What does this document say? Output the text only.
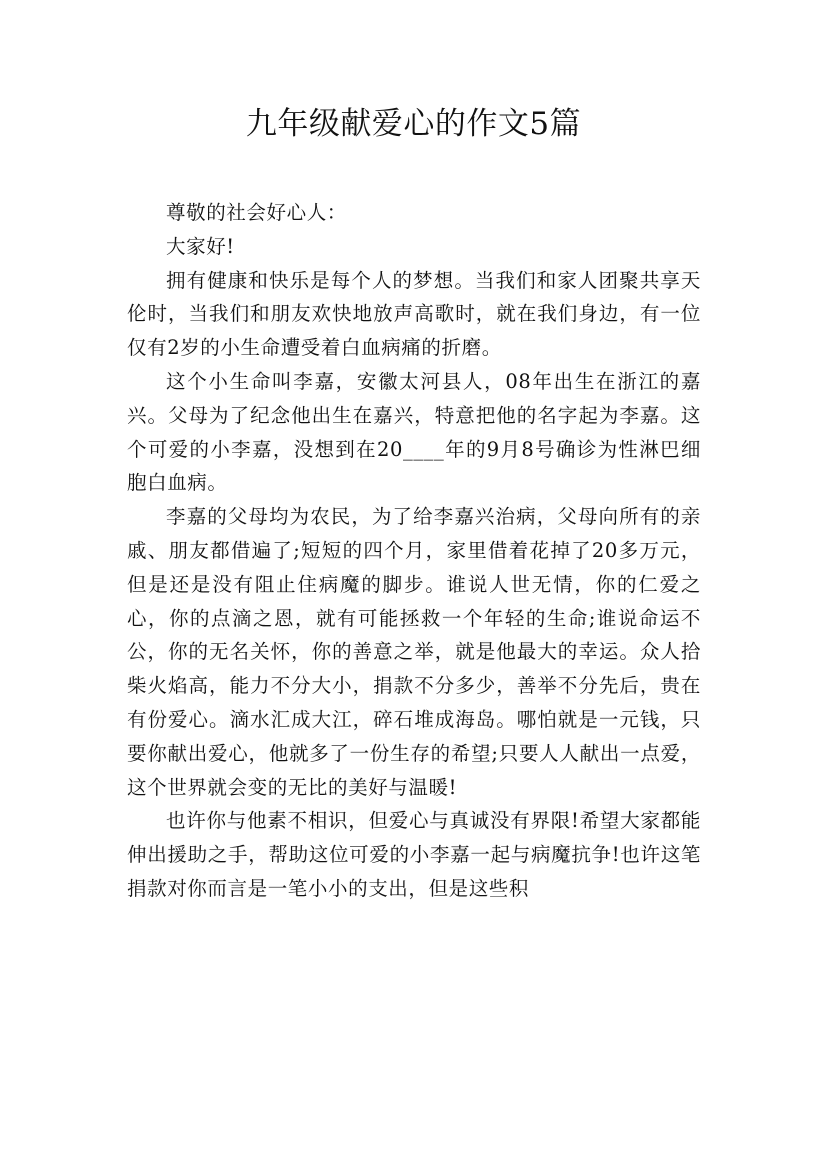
九年级献爱心的作文5篇

尊敬的社会好心人：

大家好!

拥有健康和快乐是每个人的梦想。当我们和家人团聚共享天伦时，当我们和朋友欢快地放声高歌时，就在我们身边，有一位仅有2岁的小生命遭受着白血病痛的折磨。

这个小生命叫李嘉，安徽太河县人，08年出生在浙江的嘉兴。父母为了纪念他出生在嘉兴，特意把他的名字起为李嘉。这个可爱的小李嘉，没想到在20____年的9月8号确诊为性淋巴细胞白血病。

李嘉的父母均为农民，为了给李嘉兴治病，父母向所有的亲戚、朋友都借遍了;短短的四个月，家里借着花掉了20多万元，但是还是没有阻止住病魔的脚步。谁说人世无情，你的仁爱之心，你的点滴之恩，就有可能拯救一个年轻的生命;谁说命运不公，你的无名关怀，你的善意之举，就是他最大的幸运。众人拾柴火焰高，能力不分大小，捐款不分多少，善举不分先后，贵在有份爱心。滴水汇成大江，碎石堆成海岛。哪怕就是一元钱，只要你献出爱心，他就多了一份生存的希望;只要人人献出一点爱，这个世界就会变的无比的美好与温暖!

也许你与他素不相识，但爱心与真诚没有界限!希望大家都能伸出援助之手，帮助这位可爱的小李嘉一起与病魔抗争!也许这笔捐款对你而言是一笔小小的支出，但是这些积
